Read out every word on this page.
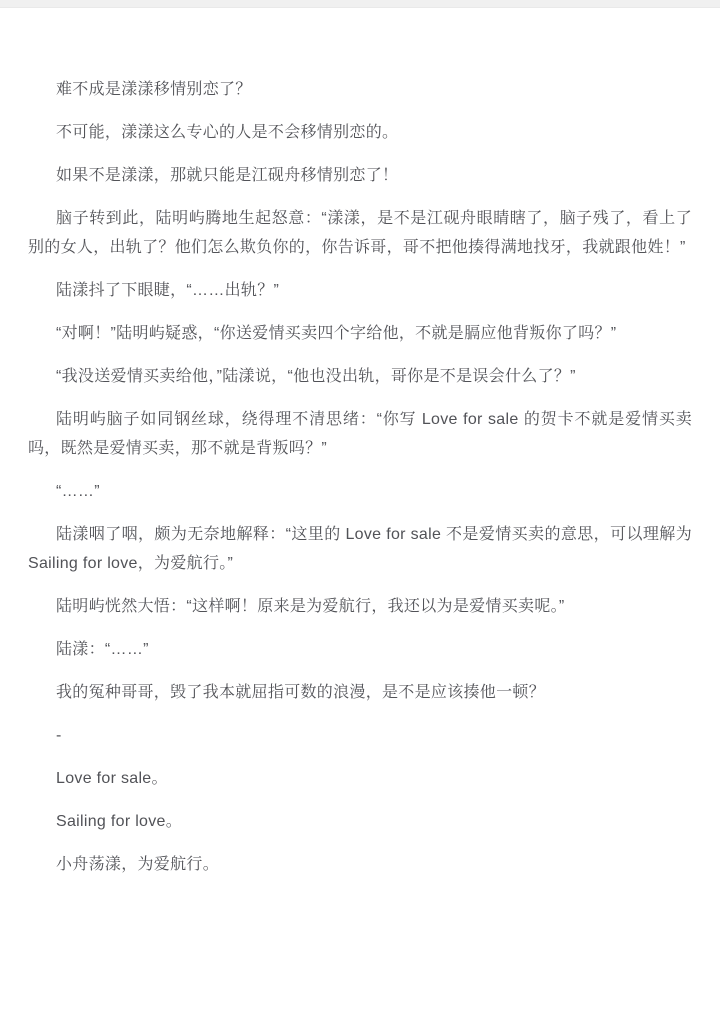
难不成是漾漾移情别恋了？

不可能，漾漾这么专心的人是不会移情别恋的。

如果不是漾漾，那就只能是江砚舟移情别恋了！

脑子转到此，陆明屿腾地生起怒意：“漾漾，是不是江砚舟眼睛瞎了，脑子残了，看上了别的女人，出轨了？他们怎么欺负你的，你告诉哥，哥不把他揍得满地找牙，我就跟他姓！”

陆漾抖了下眼睫，“……出轨？”

“对啊！”陆明屿疑惑，“你送爱情买卖四个字给他，不就是膈应他背叛你了吗？”

“我没送爱情买卖给他，”陆漾说，“他也没出轨，哥你是不是误会什么了？”

陆明屿脑子如同钢丝球，绕得理不清思绪：“你写 Love for sale 的贺卡不就是爱情买卖吗，既然是爱情买卖，那不就是背叛吗？”

“……”

陆漾咽了咽，颇为无奈地解释：“这里的 Love for sale 不是爱情买卖的意思，可以理解为 Sailing for love，为爱航行。”

陆明屿恍然大悟：“这样啊！原来是为爱航行，我还以为是爱情买卖呢。”

陆漾：“……”

我的冤种哥哥，毁了我本就屈指可数的浪漫，是不是应该揍他一顿？

-

Love for sale。

Sailing for love。

小舟荡漾，为爱航行。
